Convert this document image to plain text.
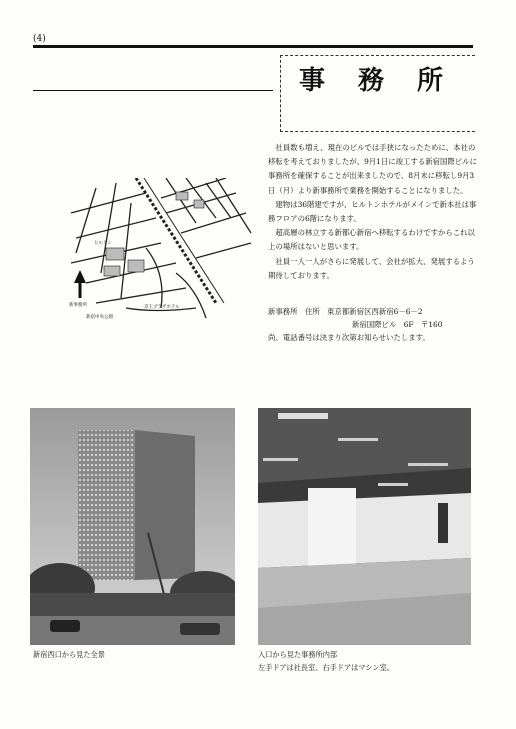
(4)
事 務 所
新事務所
ヒルトン
新宿中央公園
京王プラザホテル

社員数も増え、現在のビルでは手狭になったために、本社の移転を考えておりましたが、9月1日に竣工する新宿国際ビルに事務所を確保することが出来ましたので、8月末に移転し9月3日（月）より新事務所で業務を開始することになりました。

建物は36階建ですが、ヒルトンホテルがメインで新本社は事務フロアの6階になります。

超高層の林立する新都心新宿へ移転するわけですからこれ以上の場所はないと思います。

社員一人一人がさらに発展して、会社が拡大、発展するよう期待しております。

新事務所　住所　東京都新宿区西新宿6－6－2
新宿国際ビル　6F　〒160
尚、電話番号は決まり次第お知らせいたします。
新宿西口から見た全景	入口から見た事務所内部
左手ドアは社長室、右手ドアはマシン室。
